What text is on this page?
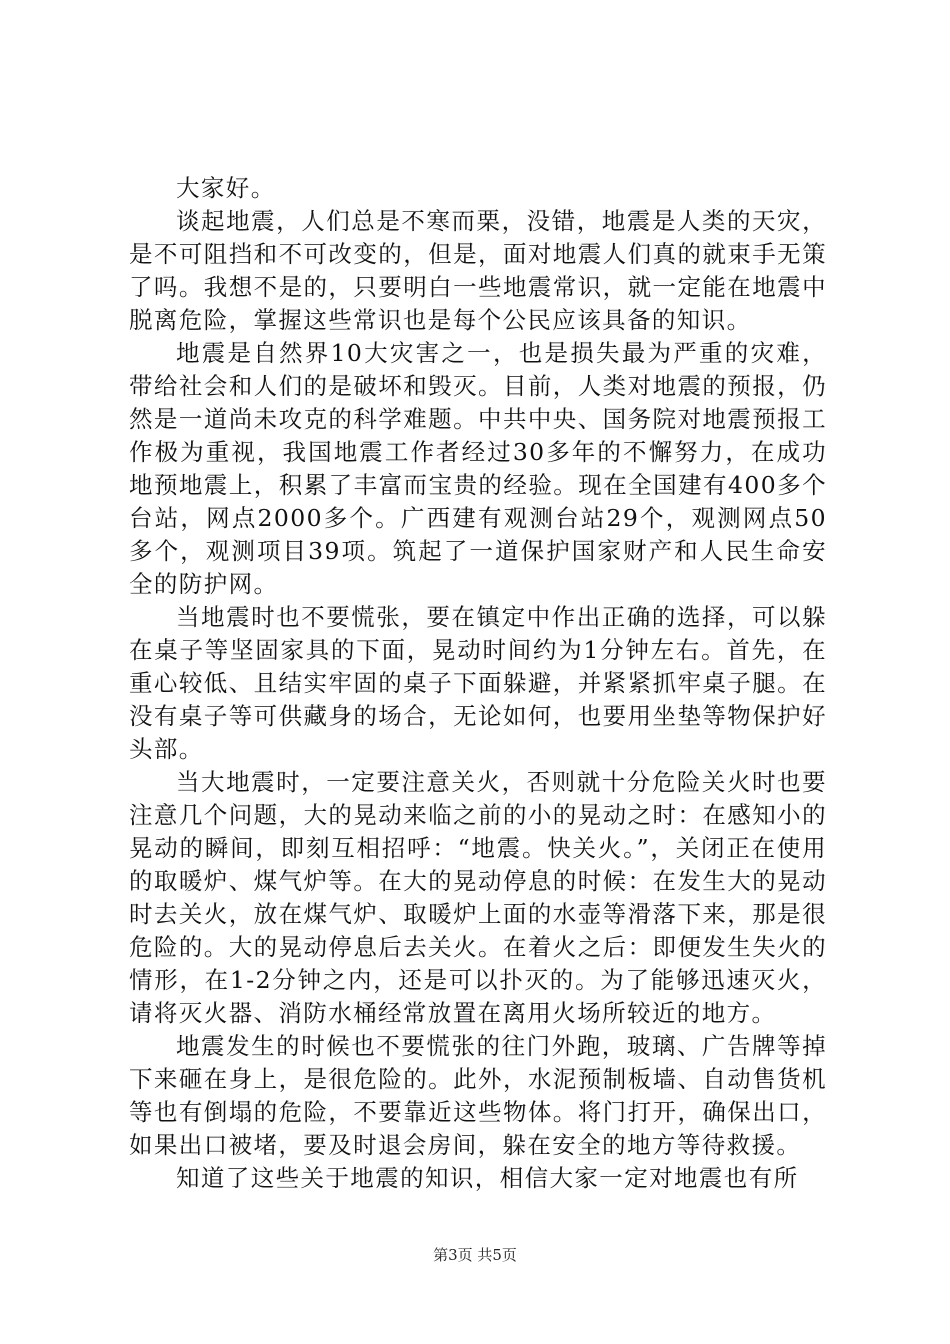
大家好。

谈起地震，人们总是不寒而栗，没错，地震是人类的天灾，是不可阻挡和不可改变的，但是，面对地震人们真的就束手无策了吗。我想不是的，只要明白一些地震常识，就一定能在地震中脱离危险，掌握这些常识也是每个公民应该具备的知识。

地震是自然界10大灾害之一，也是损失最为严重的灾难，带给社会和人们的是破坏和毁灭。目前，人类对地震的预报，仍然是一道尚未攻克的科学难题。中共中央、国务院对地震预报工作极为重视，我国地震工作者经过30多年的不懈努力，在成功地预地震上，积累了丰富而宝贵的经验。现在全国建有400多个台站，网点2000多个。广西建有观测台站29个，观测网点50多个，观测项目39项。筑起了一道保护国家财产和人民生命安全的防护网。

当地震时也不要慌张，要在镇定中作出正确的选择，可以躲在桌子等坚固家具的下面，晃动时间约为1分钟左右。首先，在重心较低、且结实牢固的桌子下面躲避，并紧紧抓牢桌子腿。在没有桌子等可供藏身的场合，无论如何，也要用坐垫等物保护好头部。

当大地震时，一定要注意关火，否则就十分危险关火时也要注意几个问题，大的晃动来临之前的小的晃动之时：在感知小的晃动的瞬间，即刻互相招呼：“地震。快关火。”，关闭正在使用的取暖炉、煤气炉等。在大的晃动停息的时候：在发生大的晃动时去关火，放在煤气炉、取暖炉上面的水壶等滑落下来，那是很危险的。大的晃动停息后去关火。在着火之后：即便发生失火的情形，在1-2分钟之内，还是可以扑灭的。为了能够迅速灭火，请将灭火器、消防水桶经常放置在离用火场所较近的地方。

地震发生的时候也不要慌张的往门外跑，玻璃、广告牌等掉下来砸在身上，是很危险的。此外，水泥预制板墙、自动售货机等也有倒塌的危险，不要靠近这些物体。将门打开，确保出口，如果出口被堵，要及时退会房间，躲在安全的地方等待救援。

知道了这些关于地震的知识，相信大家一定对地震也有所

第3页 共5页
